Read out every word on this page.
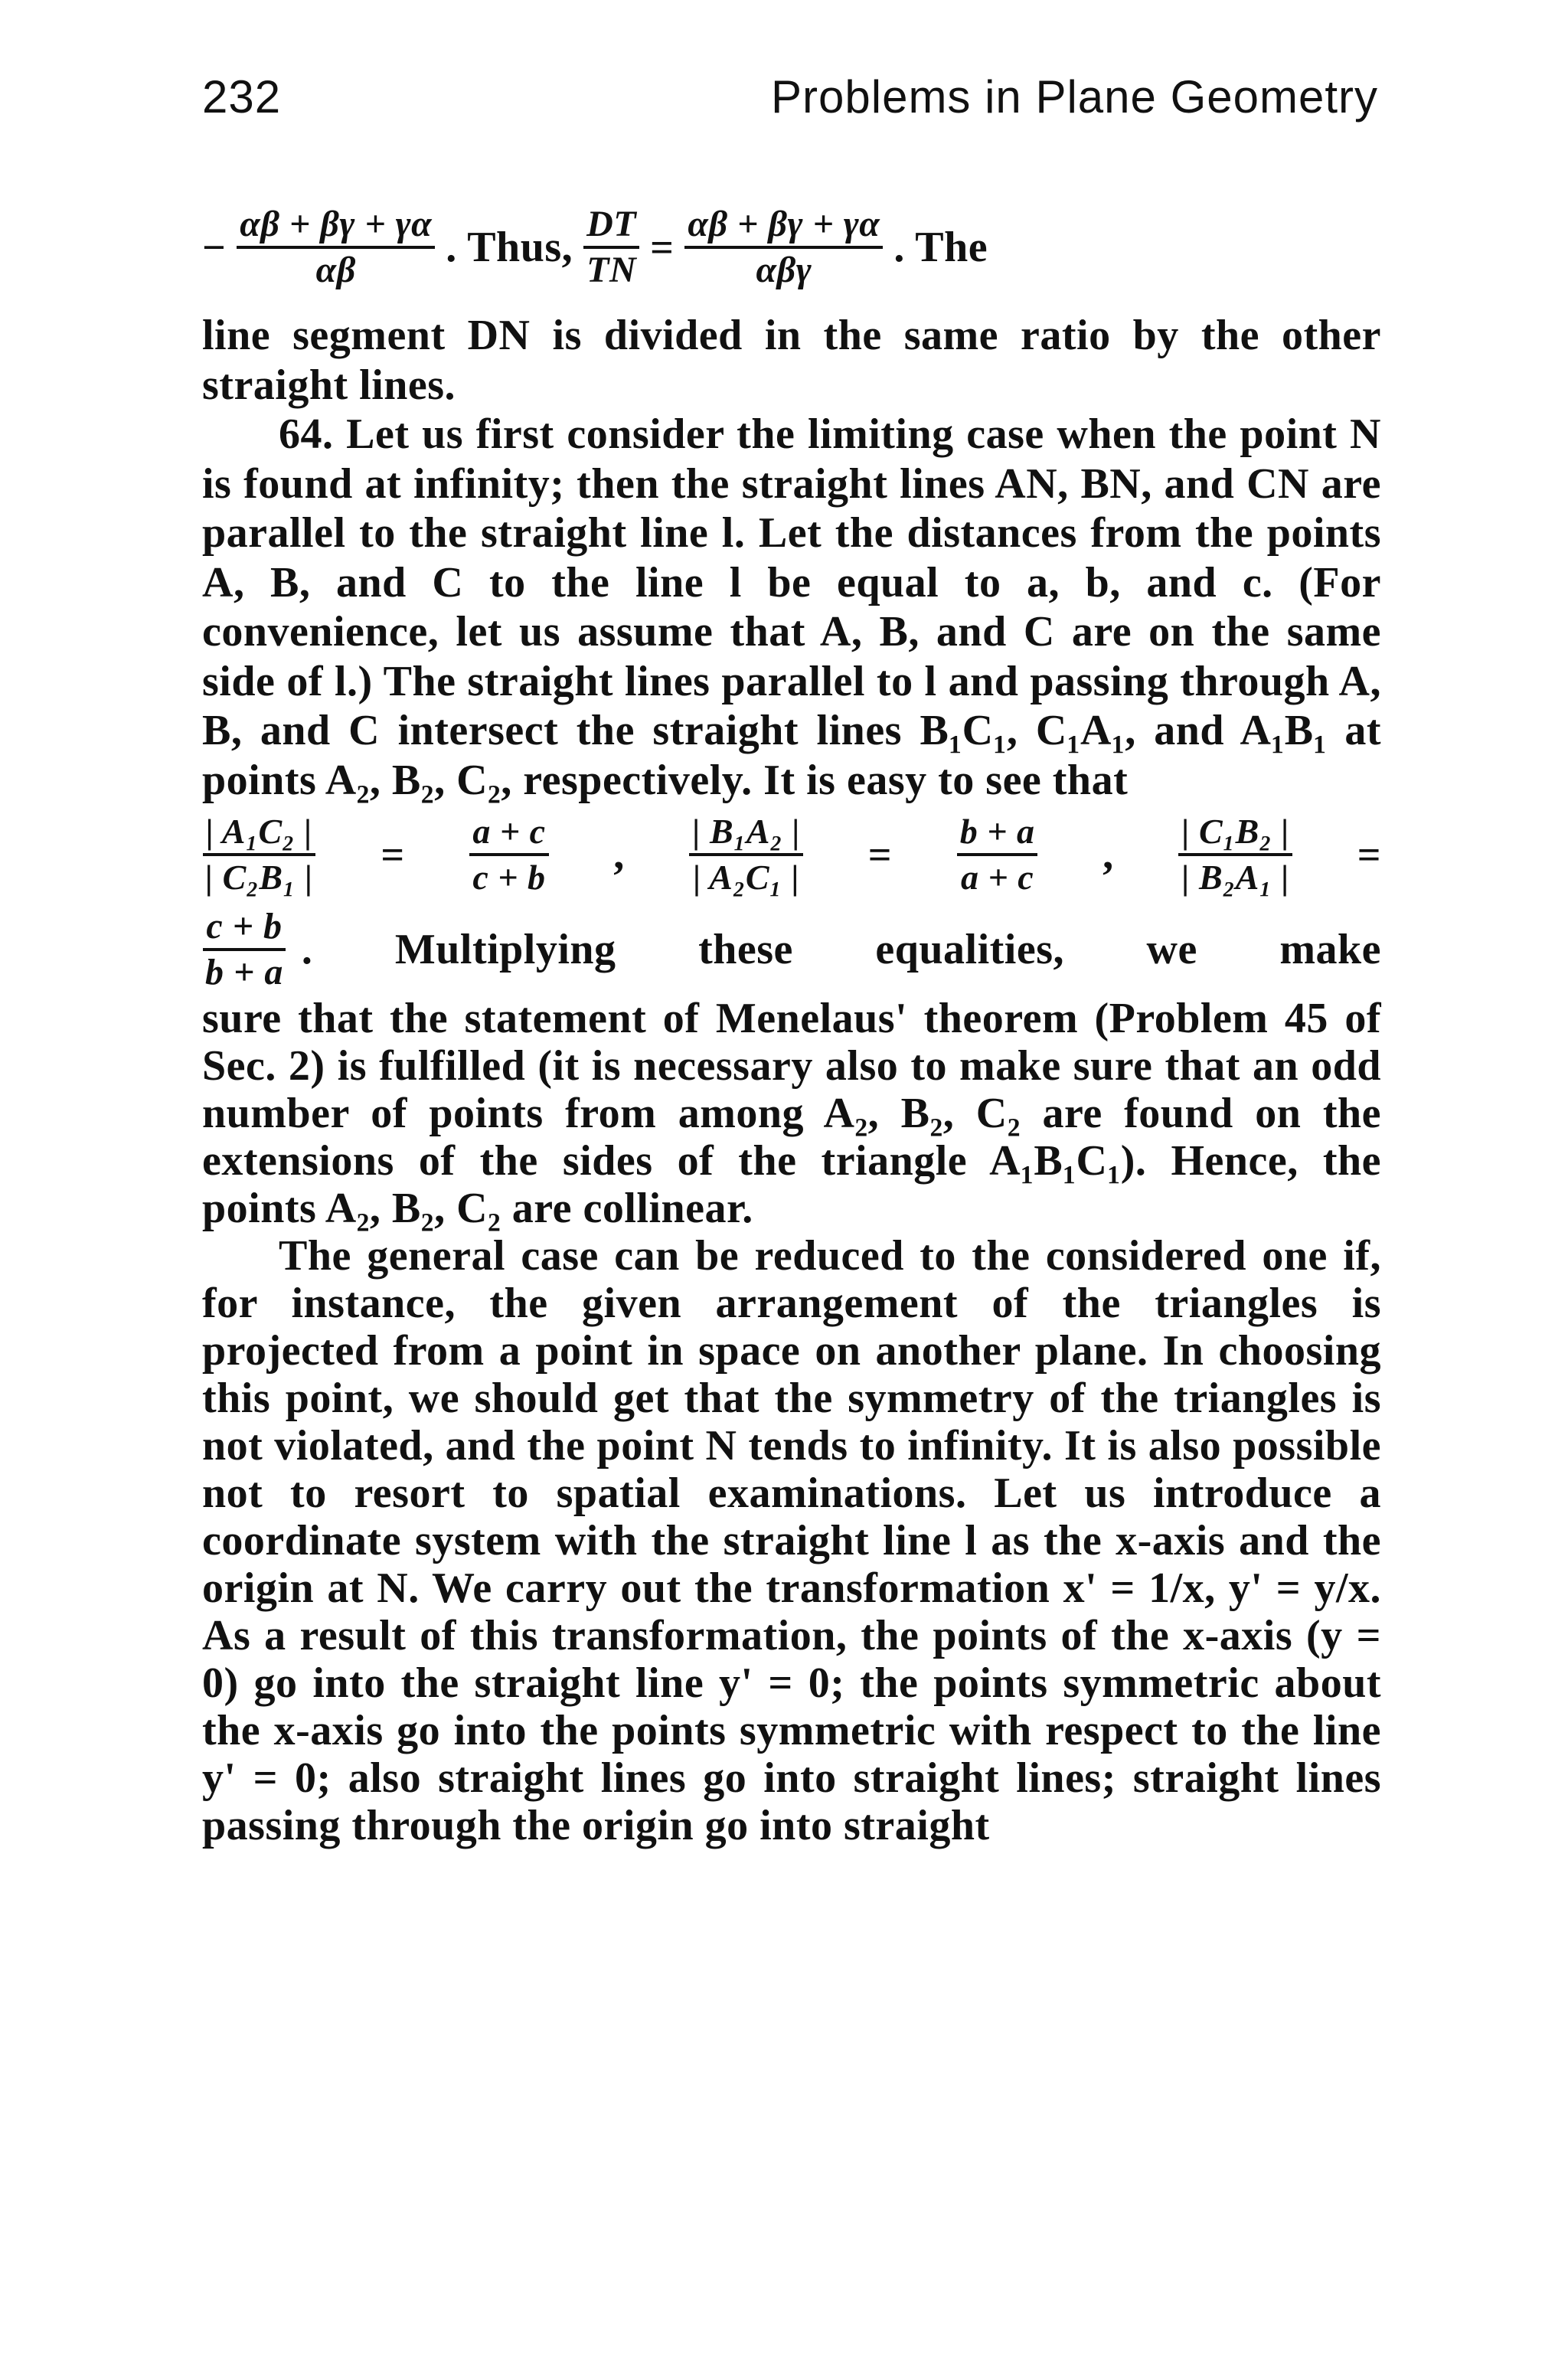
232	Problems in Plane Geometry
− $\frac{\alpha\beta + \beta\gamma + \gamma\alpha}{\alpha\beta}$ . Thus, $\frac{DT}{TN} = \frac{\alpha\beta + \beta\gamma + \gamma\alpha}{\text{αβγ}}$ . The

line segment DN is divided in the same ratio by the other straight lines.

64. Let us first consider the limiting case when the point N is found at infinity; then the straight lines AN, BN, and CN are parallel to the straight line l. Let the distances from the points A, B, and C to the line l be equal to a, b, and c. (For convenience, let us assume that A, B, and C are on the same side of l.) The straight lines parallel to l and passing through A, B, and C intersect the straight lines B₁C₁, C₁A₁, and A₁B₁ at points A₂, B₂, C₂, respectively. It is easy to see that

$\frac{\text{| A₁C₂ |}}{\text{| C₂B₁ |}} = \frac{a + c}{c + b}$ , $\frac{\text{| B₁A₂ |}}{\text{| A₂C₁ |}} = \frac{b + a}{a + c}$ , $\frac{\text{| C₁B₂ |}}{\text{| B₂A₁ |}}$ =
$\frac{c + b}{b + a}$ . Multiplying these equalities, we make

sure that the statement of Menelaus' theorem (Problem 45 of Sec. 2) is fulfilled (it is necessary also to make sure that an odd number of points from among A₂, B₂, C₂ are found on the extensions of the sides of the triangle A₁B₁C₁). Hence, the points A₂, B₂, C₂ are collinear.

The general case can be reduced to the considered one if, for instance, the given arrangement of the triangles is projected from a point in space on another plane. In choosing this point, we should get that the symmetry of the triangles is not violated, and the point N tends to infinity. It is also possible not to resort to spatial examinations. Let us introduce a coordinate system with the straight line l as the x-axis and the origin at N. We carry out the transformation x' = 1/x, y' = y/x. As a result of this transformation, the points of the x-axis (y = 0) go into the straight line y' = 0; the points symmetric about the x-axis go into the points symmetric with respect to the line y' = 0; also straight lines go into straight lines; straight lines passing through the origin go into straight
